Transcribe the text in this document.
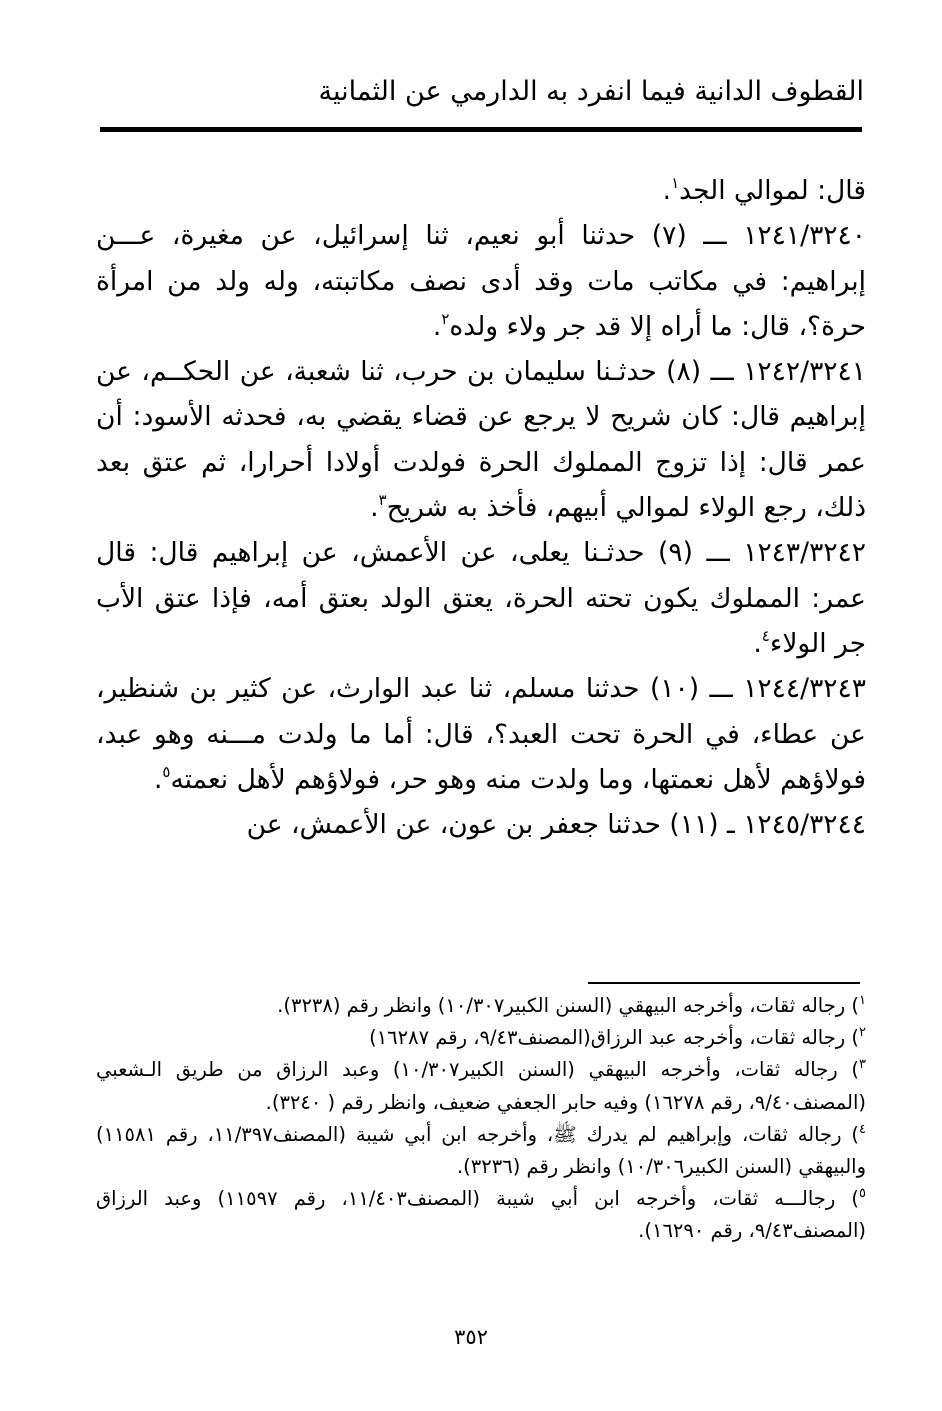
القطوف الدانية فيما انفرد به الدارمي عن الثمانية

قال: لموالي الجد$^١$.

١٢٤١/٣٢٤٠ ـــ (٧) حدثنا أبو نعيم، ثنا إسرائيل، عن مغيرة، عـــن إبراهيم: في مكاتب مات وقد أدى نصف مكاتبته، وله ولد من امرأة حرة؟، قال: ما أراه إلا قد جر ولاء ولده$^٢$.

١٢٤٢/٣٢٤١ ـــ (٨) حدثـنا سليمان بن حرب، ثنا شعبة، عن الحكــم، عن إبراهيم قال: كان شريح لا يرجع عن قضاء يقضي به، فحدثه الأسود: أن عمر قال: إذا تزوج المملوك الحرة فولدت أولادا أحرارا، ثم عتق بعد ذلك، رجع الولاء لموالي أبيهم، فأخذ به شريح$^٣$.

١٢٤٣/٣٢٤٢ ـــ (٩) حدثـنا يعلى، عن الأعمش، عن إبراهيم قال: قال عمر: المملوك يكون تحته الحرة، يعتق الولد بعتق أمه، فإذا عتق الأب جر الولاء$^٤$.

١٢٤٤/٣٢٤٣ ـــ (١٠) حدثنا مسلم، ثنا عبد الوارث، عن كثير بن شنظير، عن عطاء، في الحرة تحت العبد؟، قال: أما ما ولدت مـــنه وهو عبد، فولاؤهم لأهل نعمتها، وما ولدت منه وهو حر، فولاؤهم لأهل نعمته$^٥$.

١٢٤٥/٣٢٤٤ ـ (١١) حدثنا جعفر بن عون، عن الأعمش، عن

$^١$) رجاله ثقات، وأخرجه البيهقي (السنن الكبير١٠/٣٠٧) وانظر رقم (٣٢٣٨).

$^٢$) رجاله ثقات، وأخرجه عبد الرزاق(المصنف٩/٤٣، رقم ١٦٢٨٧)

$^٣$) رجاله ثقات، وأخرجه البيهقي (السنن الكبير١٠/٣٠٧) وعبد الرزاق من طريق الـشعبي (المصنف٩/٤٠، رقم ١٦٢٧٨) وفيه حابر الجعفي ضعيف، وانظر رقم ( ٣٢٤٠).

$^٤$) رجاله ثقات، وإبراهيم لم يدرك ﷺ، وأخرجه ابن أبي شيبة (المصنف١١/٣٩٧، رقم ١١٥٨١) والبيهقي (السنن الكبير١٠/٣٠٦) وانظر رقم (٣٢٣٦).

$^٥$) رجالـــه ثقات، وأخرجه ابن أبي شيبة (المصنف١١/٤٠٣، رقم ١١٥٩٧) وعبد الرزاق (المصنف٩/٤٣، رقم ١٦٢٩٠).

٣٥٢
